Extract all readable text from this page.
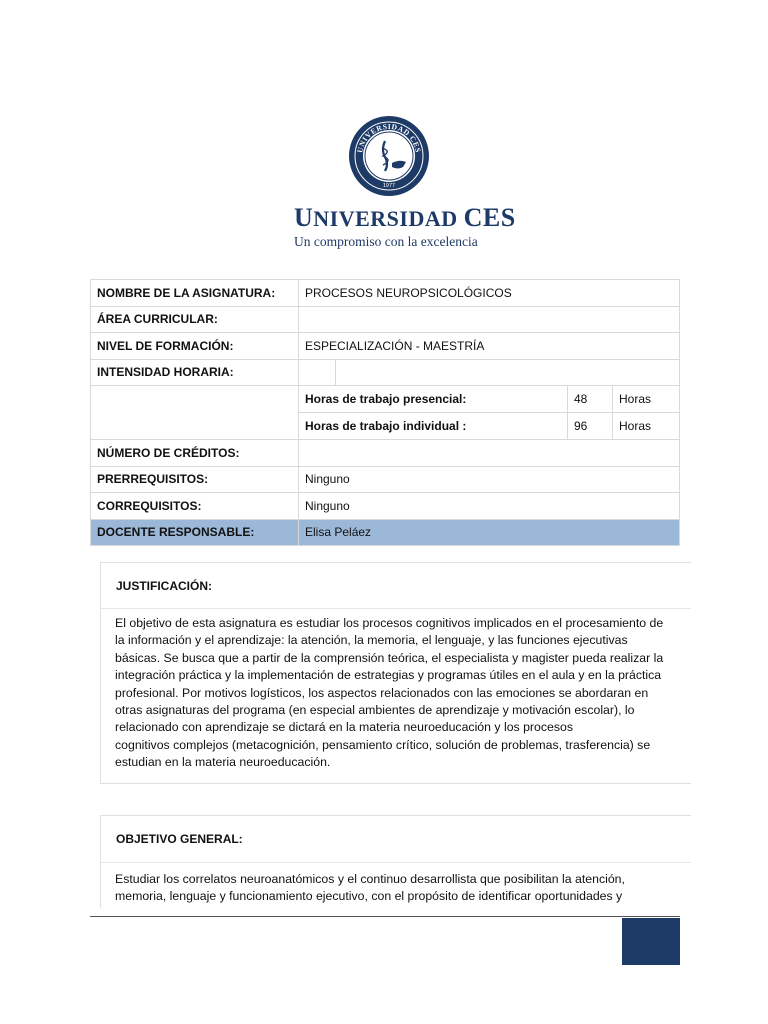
UNIVERSIDAD CES
1977
UNIVERSIDAD CES
Un compromiso con la excelencia
NOMBRE DE LA ASIGNATURA:	PROCESOS NEUROPSICOLÓGICOS			
ÁREA CURRICULAR:				
NIVEL DE FORMACIÓN:	ESPECIALIZACIÓN - MAESTRÍA			
INTENSIDAD HORARIA:				
	Horas de trabajo presencial:		48	Horas
	Horas de trabajo individual :		96	Horas
NÚMERO DE CRÉDITOS:				
PRERREQUISITOS:	Ninguno			
CORREQUISITOS:	Ninguno			
DOCENTE RESPONSABLE:	Elisa Peláez			
JUSTIFICACIÓN:
El objetivo de esta asignatura es estudiar los procesos cognitivos implicados en el procesamiento de
la información y el aprendizaje: la atención, la memoria, el lenguaje, y las funciones ejecutivas
básicas. Se busca que a partir de la comprensión teórica, el especialista y magister pueda realizar la
integración práctica y la implementación de estrategias y programas útiles en el aula y en la práctica
profesional. Por motivos logísticos, los aspectos relacionados con las emociones se abordaran en
otras asignaturas del programa (en especial ambientes de aprendizaje y motivación escolar), lo
relacionado con aprendizaje se dictará en la materia neuroeducación y los procesos
cognitivos complejos (metacognición, pensamiento crítico, solución de problemas, trasferencia) se
estudian en la materia neuroeducación.
OBJETIVO GENERAL:
Estudiar los correlatos neuroanatómicos y el continuo desarrollista que posibilitan la atención,
memoria, lenguaje y funcionamiento ejecutivo, con el propósito de identificar oportunidades y
